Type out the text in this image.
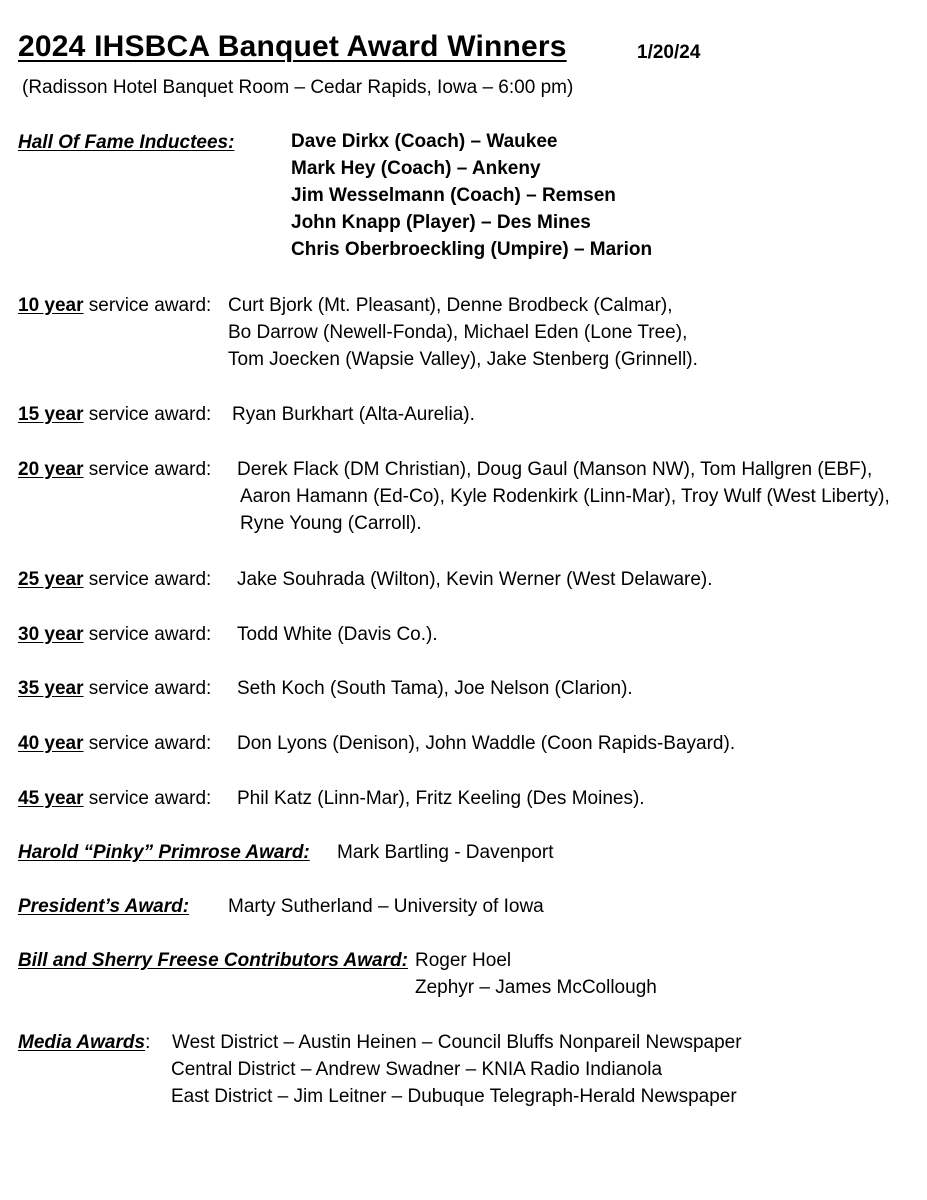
2024 IHSBCA Banquet Award Winners	1/20/24
(Radisson Hotel Banquet Room – Cedar Rapids, Iowa – 6:00 pm)
Hall Of Fame Inductees:	Dave Dirkx (Coach) – Waukee
Mark Hey (Coach) – Ankeny
Jim Wesselmann (Coach) – Remsen
John Knapp (Player) – Des Mines
Chris Oberbroeckling (Umpire) – Marion
10 year service award: Curt Bjork (Mt. Pleasant), Denne Brodbeck (Calmar),
Bo Darrow (Newell-Fonda), Michael Eden (Lone Tree),
Tom Joecken (Wapsie Valley), Jake Stenberg (Grinnell).
15 year service award: Ryan Burkhart (Alta-Aurelia).
20 year service award: Derek Flack (DM Christian), Doug Gaul (Manson NW), Tom Hallgren (EBF),
Aaron Hamann (Ed-Co), Kyle Rodenkirk (Linn-Mar), Troy Wulf (West Liberty),
Ryne Young (Carroll).
25 year service award: Jake Souhrada (Wilton), Kevin Werner (West Delaware).
30 year service award: Todd White (Davis Co.).
35 year service award: Seth Koch (South Tama), Joe Nelson (Clarion).
40 year service award: Don Lyons (Denison), John Waddle (Coon Rapids-Bayard).
45 year service award: Phil Katz (Linn-Mar), Fritz Keeling (Des Moines).
Harold “Pinky” Primrose Award: Mark Bartling - Davenport
President’s Award: Marty Sutherland – University of Iowa
Bill and Sherry Freese Contributors Award: Roger Hoel
Zephyr – James McCollough
Media Awards: West District – Austin Heinen – Council Bluffs Nonpareil Newspaper
Central District – Andrew Swadner – KNIA Radio Indianola
East District – Jim Leitner – Dubuque Telegraph-Herald Newspaper
